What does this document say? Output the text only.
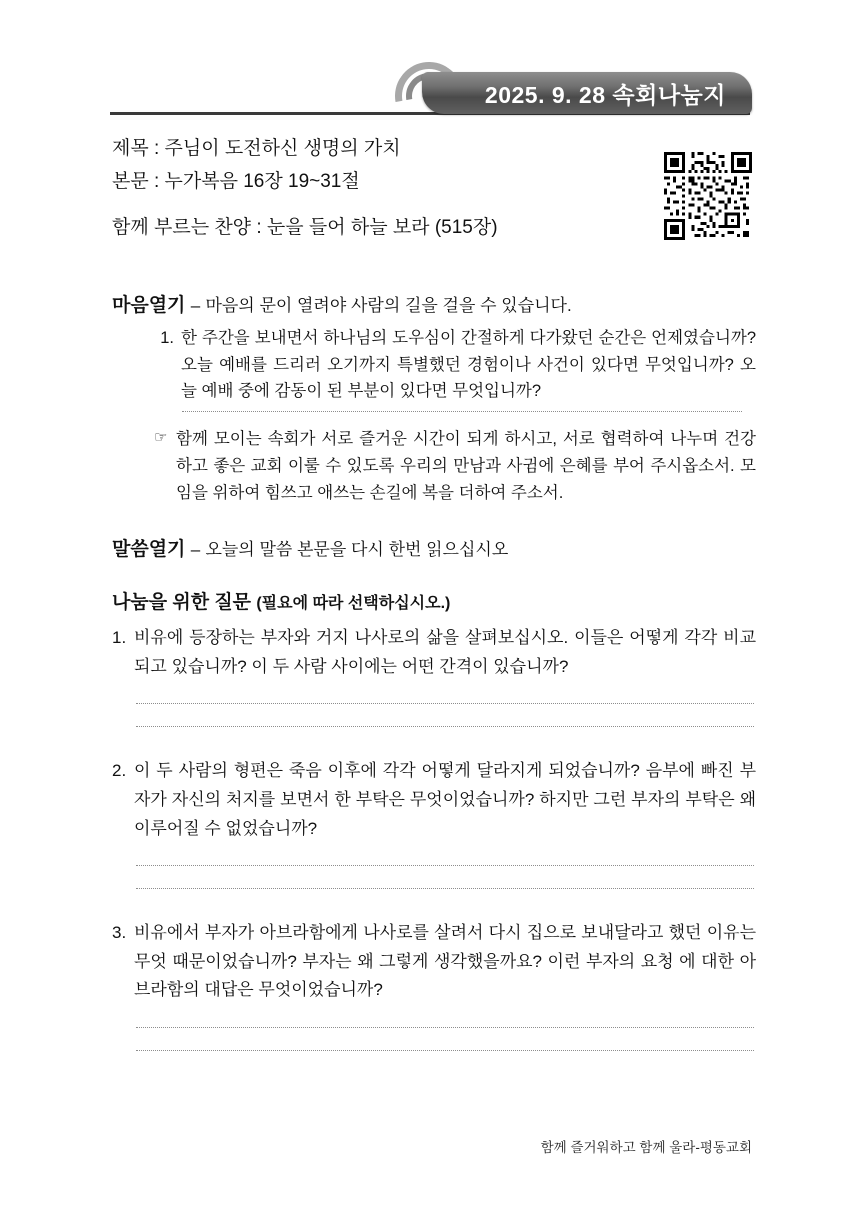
2025. 9. 28 속회나눔지
제목 : 주님이 도전하신 생명의 가치
본문 : 누가복음 16장 19~31절
함께 부르는 찬양 : 눈을 들어 하늘 보라 (515장)
마음열기 – 마음의 문이 열려야 사람의 길을 걸을 수 있습니다.
1. 한 주간을 보내면서 하나님의 도우심이 간절하게 다가왔던 순간은 언제였습니까? 오늘 예배를 드리러 오기까지 특별했던 경험이나 사건이 있다면 무엇입니까? 오늘 예배 중에 감동이 된 부분이 있다면 무엇입니까?
☞ 함께 모이는 속회가 서로 즐거운 시간이 되게 하시고, 서로 협력하여 나누며 건강하고 좋은 교회 이룰 수 있도록 우리의 만남과 사귐에 은혜를 부어 주시옵소서. 모임을 위하여 힘쓰고 애쓰는 손길에 복을 더하여 주소서.
말씀열기 – 오늘의 말씀 본문을 다시 한번 읽으십시오
나눔을 위한 질문 (필요에 따라 선택하십시오.)
1. 비유에 등장하는 부자와 거지 나사로의 삶을 살펴보십시오. 이들은 어떻게 각각 비교되고 있습니까? 이 두 사람 사이에는 어떤 간격이 있습니까?
2. 이 두 사람의 형편은 죽음 이후에 각각 어떻게 달라지게 되었습니까? 음부에 빠진 부자가 자신의 처지를 보면서 한 부탁은 무엇이었습니까? 하지만 그런 부자의 부탁은 왜 이루어질 수 없었습니까?
3. 비유에서 부자가 아브라함에게 나사로를 살려서 다시 집으로 보내달라고 했던 이유는 무엇 때문이었습니까? 부자는 왜 그렇게 생각했을까요? 이런 부자의 요청 에 대한 아브라함의 대답은 무엇이었습니까?
함께 즐거워하고 함께 울라-평동교회
